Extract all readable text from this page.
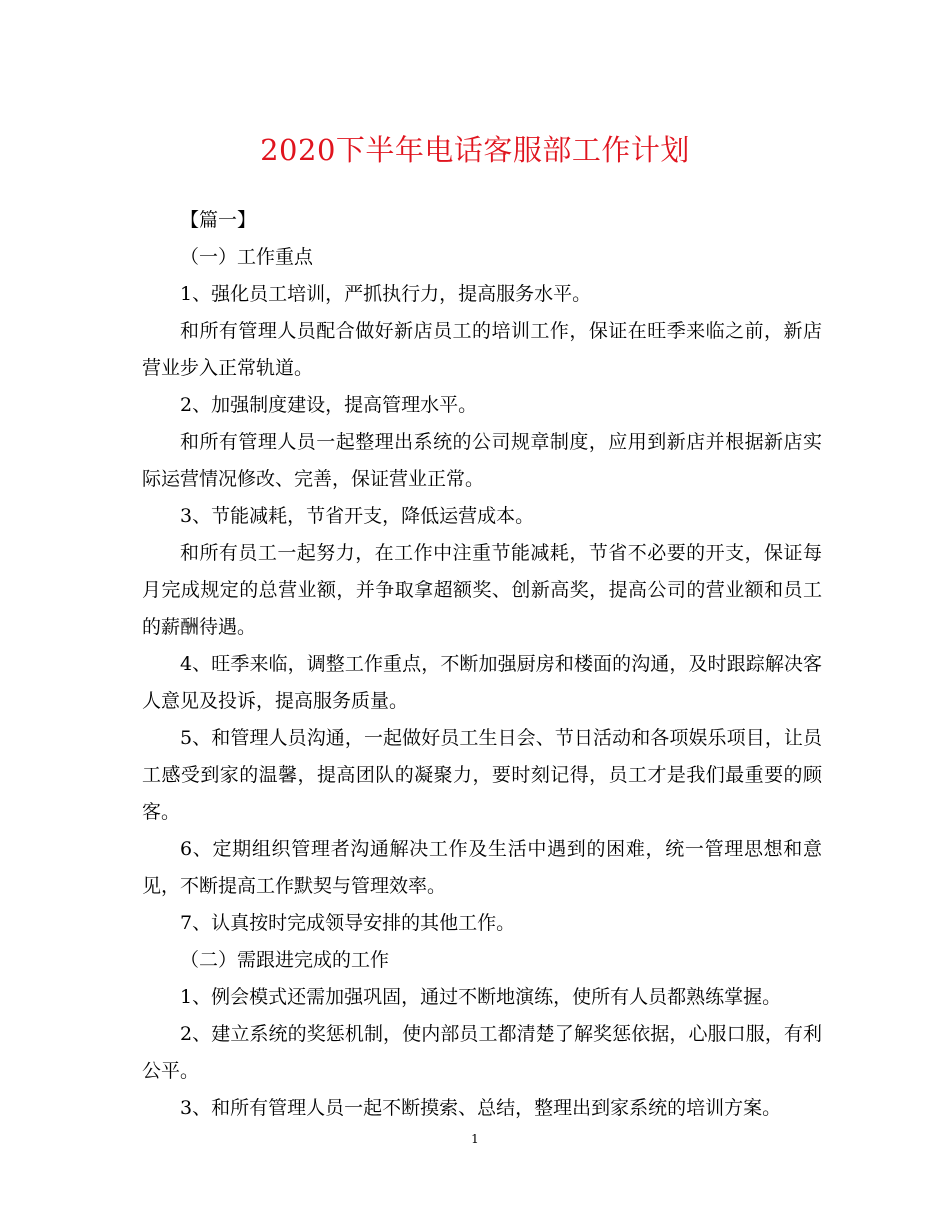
2020下半年电话客服部工作计划

【篇一】

（一）工作重点

1、强化员工培训，严抓执行力，提高服务水平。

和所有管理人员配合做好新店员工的培训工作，保证在旺季来临之前，新店营业步入正常轨道。

2、加强制度建设，提高管理水平。

和所有管理人员一起整理出系统的公司规章制度，应用到新店并根据新店实际运营情况修改、完善，保证营业正常。

3、节能减耗，节省开支，降低运营成本。

和所有员工一起努力，在工作中注重节能减耗，节省不必要的开支，保证每月完成规定的总营业额，并争取拿超额奖、创新高奖，提高公司的营业额和员工的薪酬待遇。

4、旺季来临，调整工作重点，不断加强厨房和楼面的沟通，及时跟踪解决客人意见及投诉，提高服务质量。

5、和管理人员沟通，一起做好员工生日会、节日活动和各项娱乐项目，让员工感受到家的温馨，提高团队的凝聚力，要时刻记得，员工才是我们最重要的顾客。

6、定期组织管理者沟通解决工作及生活中遇到的困难，统一管理思想和意见，不断提高工作默契与管理效率。

7、认真按时完成领导安排的其他工作。

（二）需跟进完成的工作

1、例会模式还需加强巩固，通过不断地演练，使所有人员都熟练掌握。

2、建立系统的奖惩机制，使内部员工都清楚了解奖惩依据，心服口服，有利公平。

3、和所有管理人员一起不断摸索、总结，整理出到家系统的培训方案。

1
